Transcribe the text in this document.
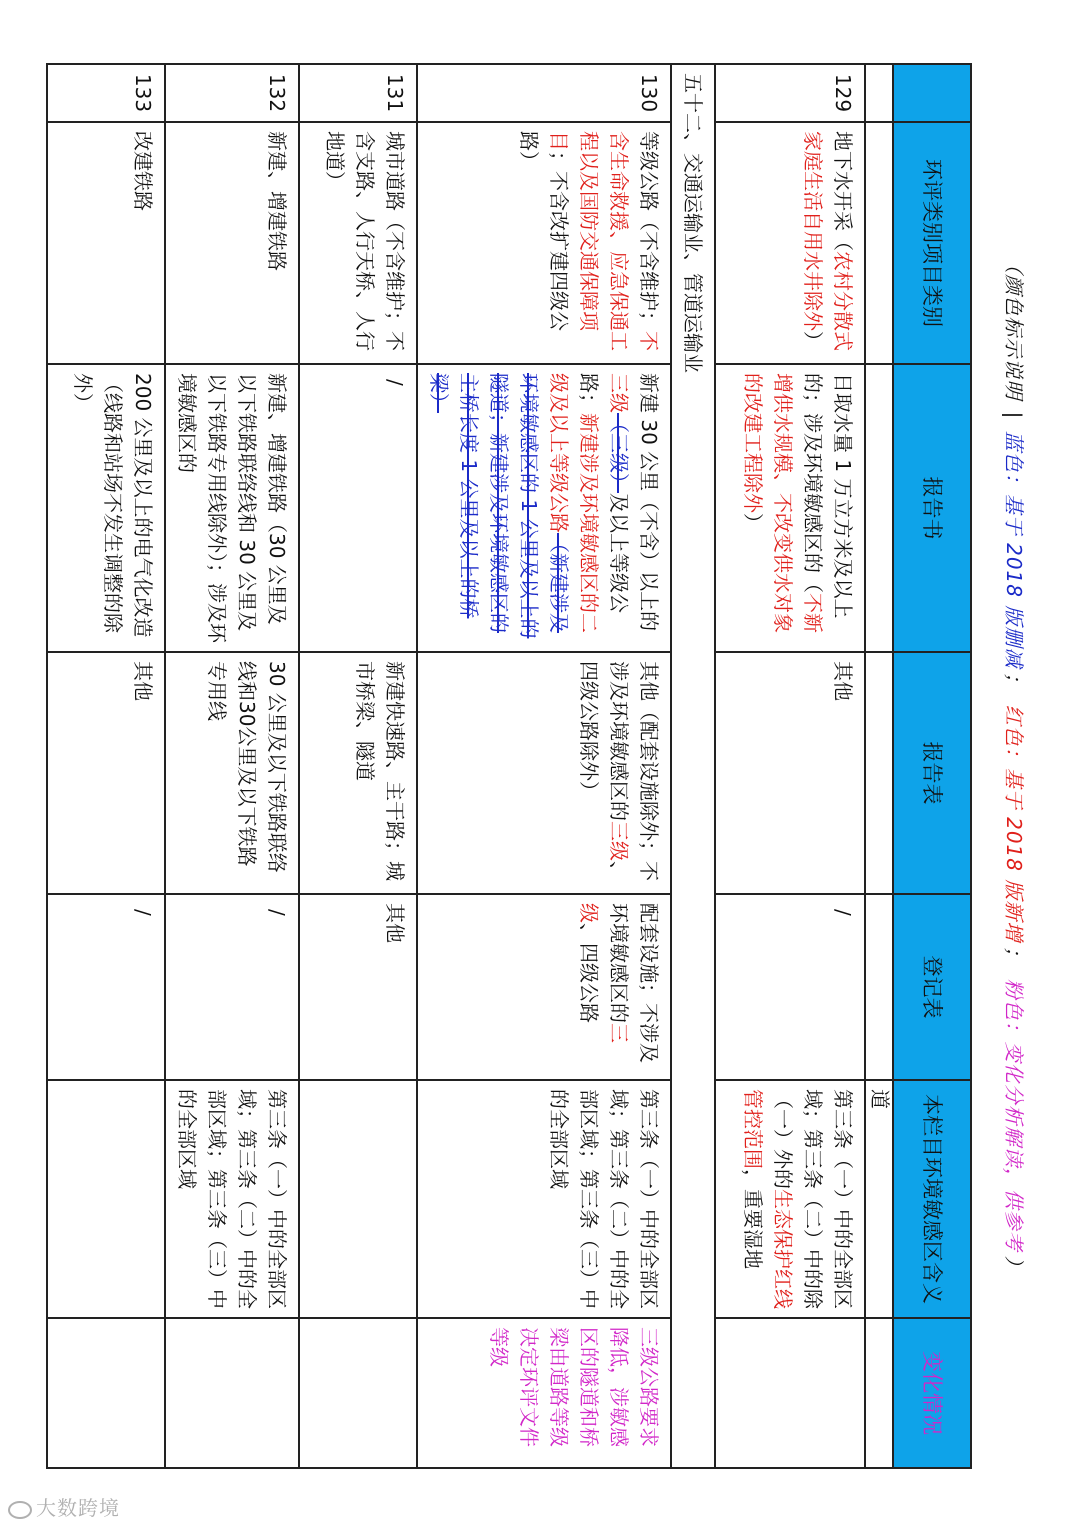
（颜色标示说明 | 蓝色：基于 2018 版删减； 红色：基于 2018 版新增； 粉色：变化分析解读，供参考）
	环评类别项目类别	报告书	报告表	登记表	本栏目环境敏感区含义	变化情况
					道	
129	地下水开采（农村分散式家庭生活自用水井除外）	日取水量 1 万立方米及以上的；涉及环境敏感区的（不新增供水规模、不改变供水对象的改建工程除外）	其他	/	第三条（一）中的全部区域；第三条（二）中的除（一）外的生态保护红线管控范围，重要湿地	
五十二、交通运输业、管道运输业						
130	等级公路（不含维护；不含生命救援、应急保通工程以及国防交通保障项目；不含改扩建四级公路）	新建 30 公里（不含）以上的三级（三级）及以上等级公路；新建涉及环境敏感区的二级及以上等级公路（新建涉及环境敏感区的 1 公里及以上的隧道；新建涉及环境敏感区的主桥长度 1 公里及以上的桥梁）	其他（配套设施除外；不涉及环境敏感区的三级、四级公路除外）	配套设施；不涉及环境敏感区的三级、四级公路	第三条（一）中的全部区域；第三条（二）中的全部区域；第三条（三）中的全部区域	三级公路要求降低，涉敏感区的隧道和桥梁由道路等级决定环评文件等级
131	城市道路（不含维护；不含支路、人行天桥、人行地道）	/	新建快速路、主干路；城市桥梁、隧道	其他		
132	新建、增建铁路	新建、增建铁路（30 公里及以下铁路联络线和 30 公里及以下铁路专用线除外）；涉及环境敏感区的	30 公里及以下铁路联络线和30公里及以下铁路专用线	/	第三条（一）中的全部区域；第三条（二）中的全部区域；第三条（三）中的全部区域	
133	改建铁路	200 公里及以上的电气化改造（线路和站场不发生调整的除外）	其他	/		
大数跨境
